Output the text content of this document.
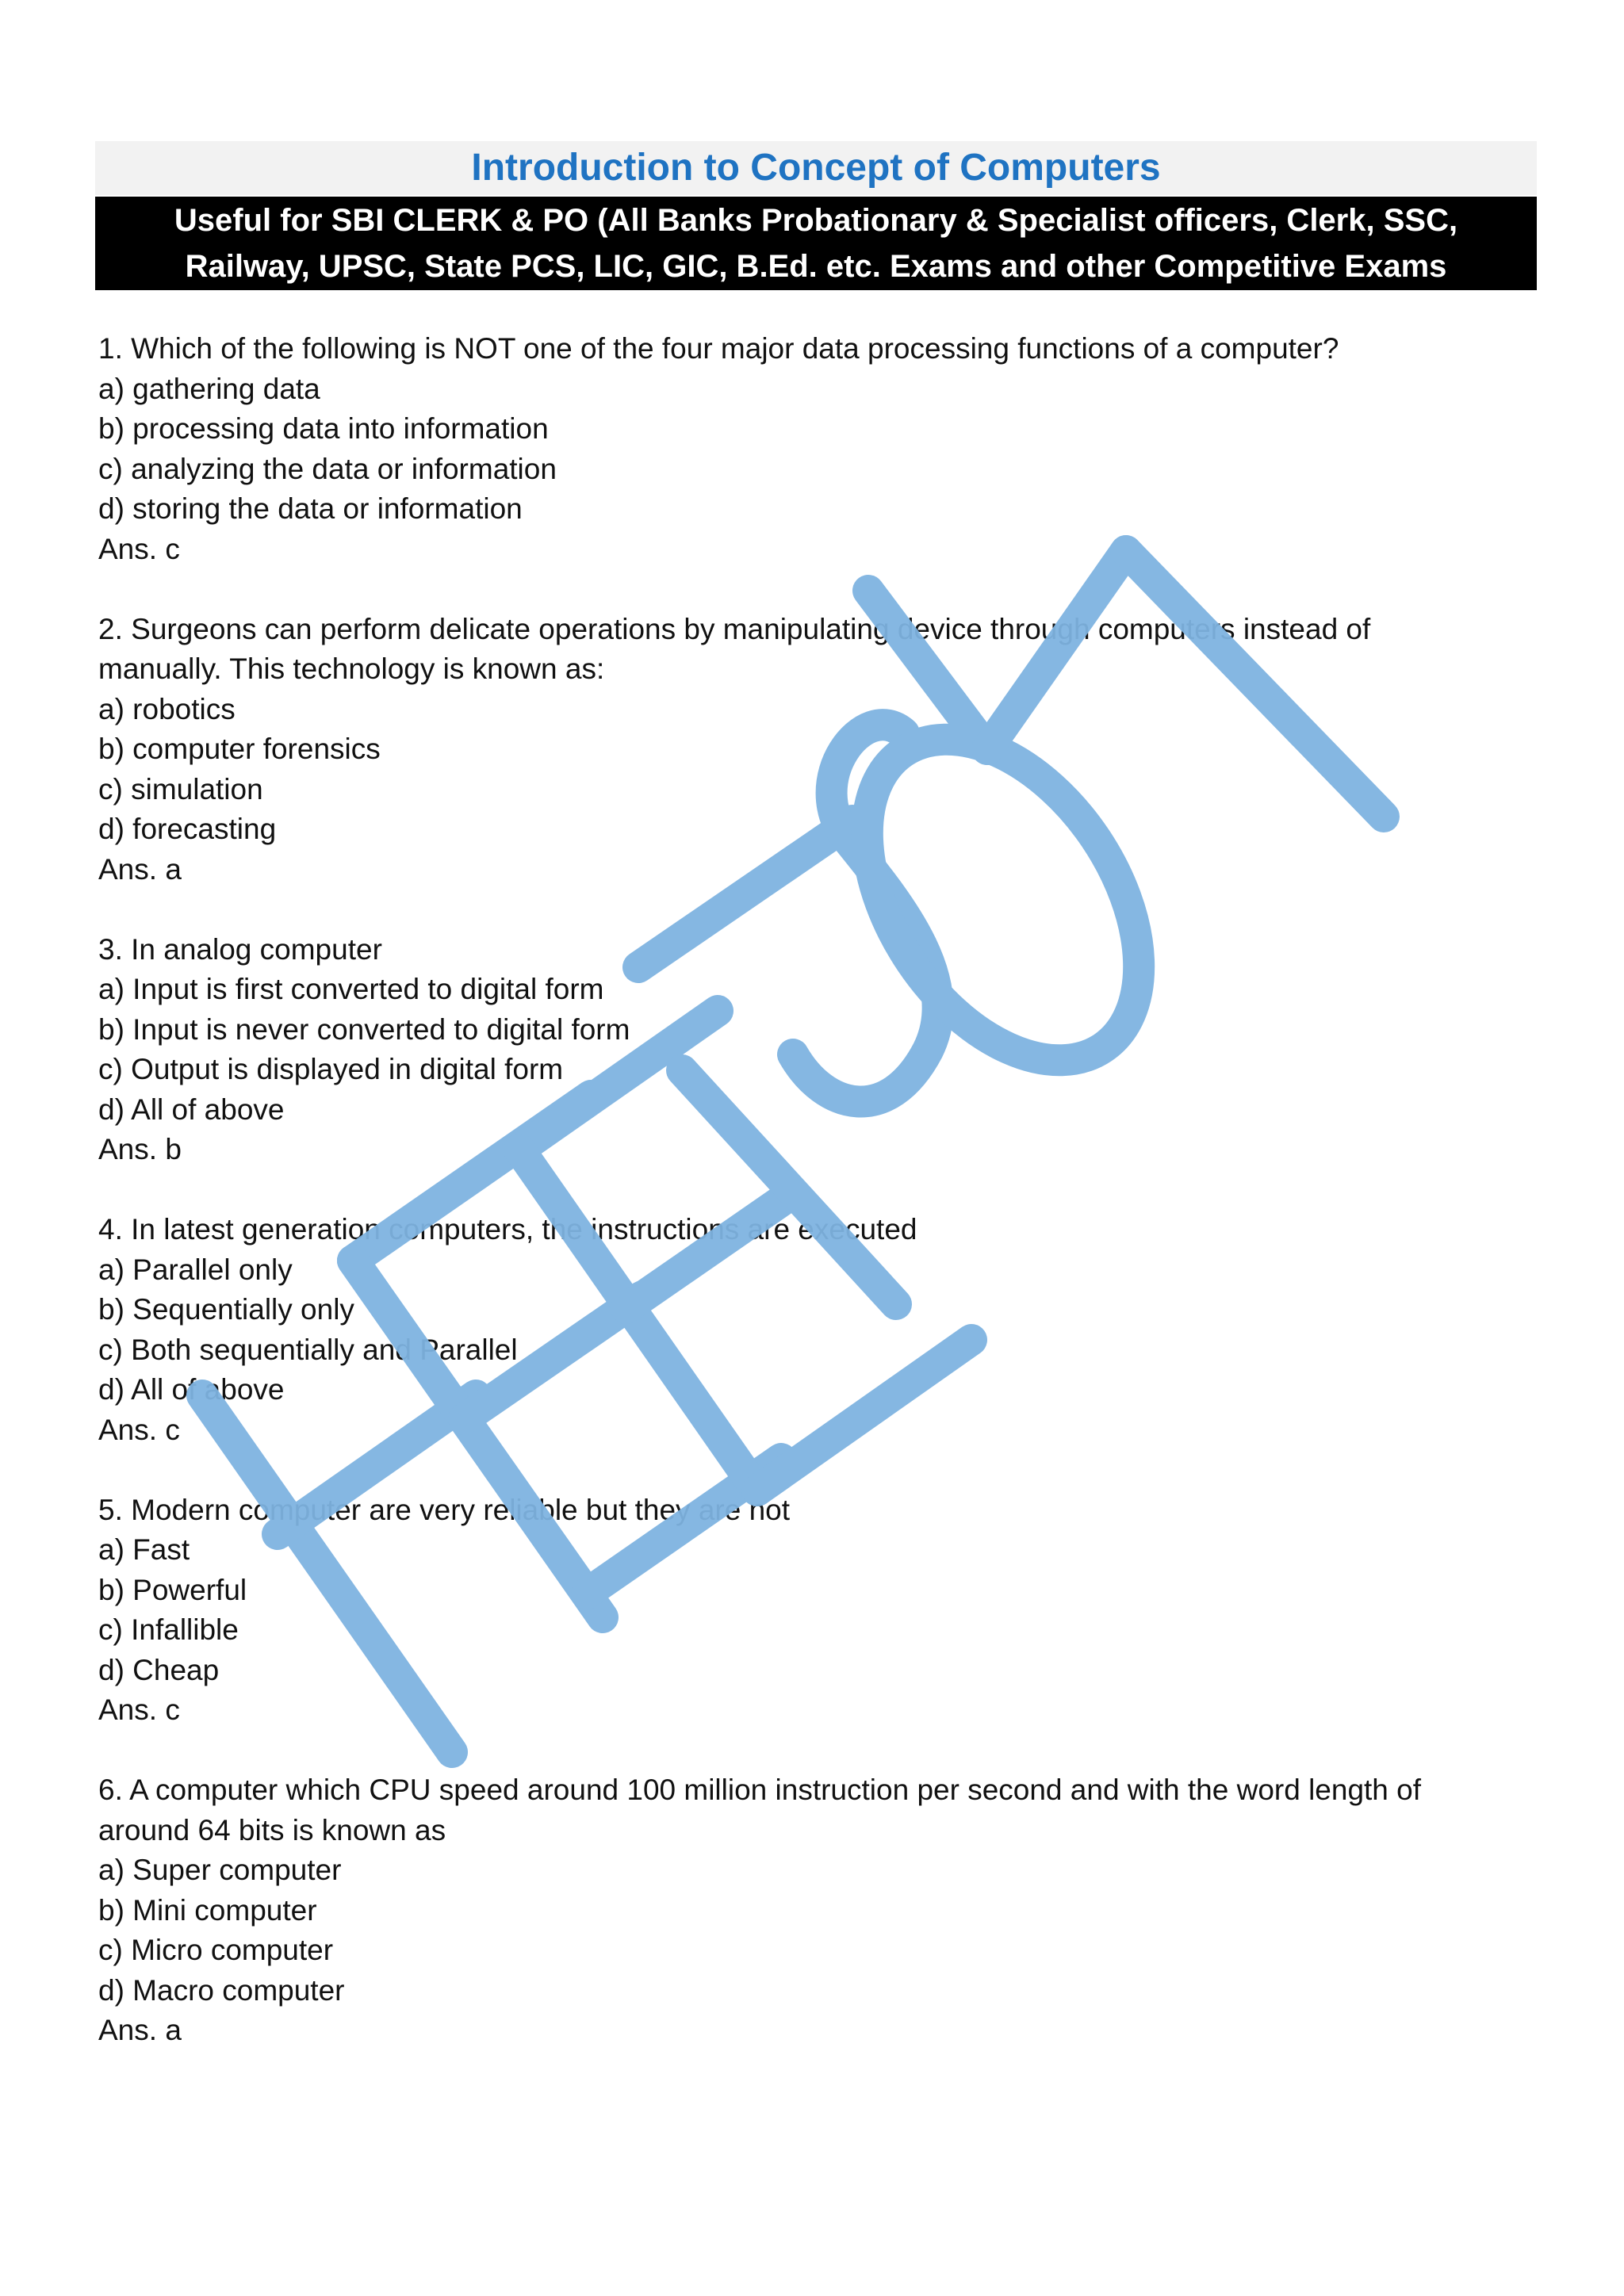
Introduction to Concept of Computers
Useful for SBI CLERK & PO (All Banks Probationary & Specialist officers, Clerk, SSC,
Railway, UPSC, State PCS, LIC, GIC, B.Ed. etc. Exams and other Competitive Exams
1. Which of the following is NOT one of the four major data processing functions of a computer?
a) gathering data
b) processing data into information
c) analyzing the data or information
d) storing the data or information
Ans. c
2. Surgeons can perform delicate operations by manipulating device through computers instead of
manually. This technology is known as:
a) robotics
b) computer forensics
c) simulation
d) forecasting
Ans. a
3. In analog computer
a) Input is first converted to digital form
b) Input is never converted to digital form
c) Output is displayed in digital form
d) All of above
Ans. b
4. In latest generation computers, the instructions are executed
a) Parallel only
b) Sequentially only
c) Both sequentially and Parallel
d) All of above
Ans. c
5. Modern computer are very reliable but they are not
a) Fast
b) Powerful
c) Infallible
d) Cheap
Ans. c
6. A computer which CPU speed around 100 million instruction per second and with the word length of
around 64 bits is known as
a) Super computer
b) Mini computer
c) Micro computer
d) Macro computer
Ans. a
